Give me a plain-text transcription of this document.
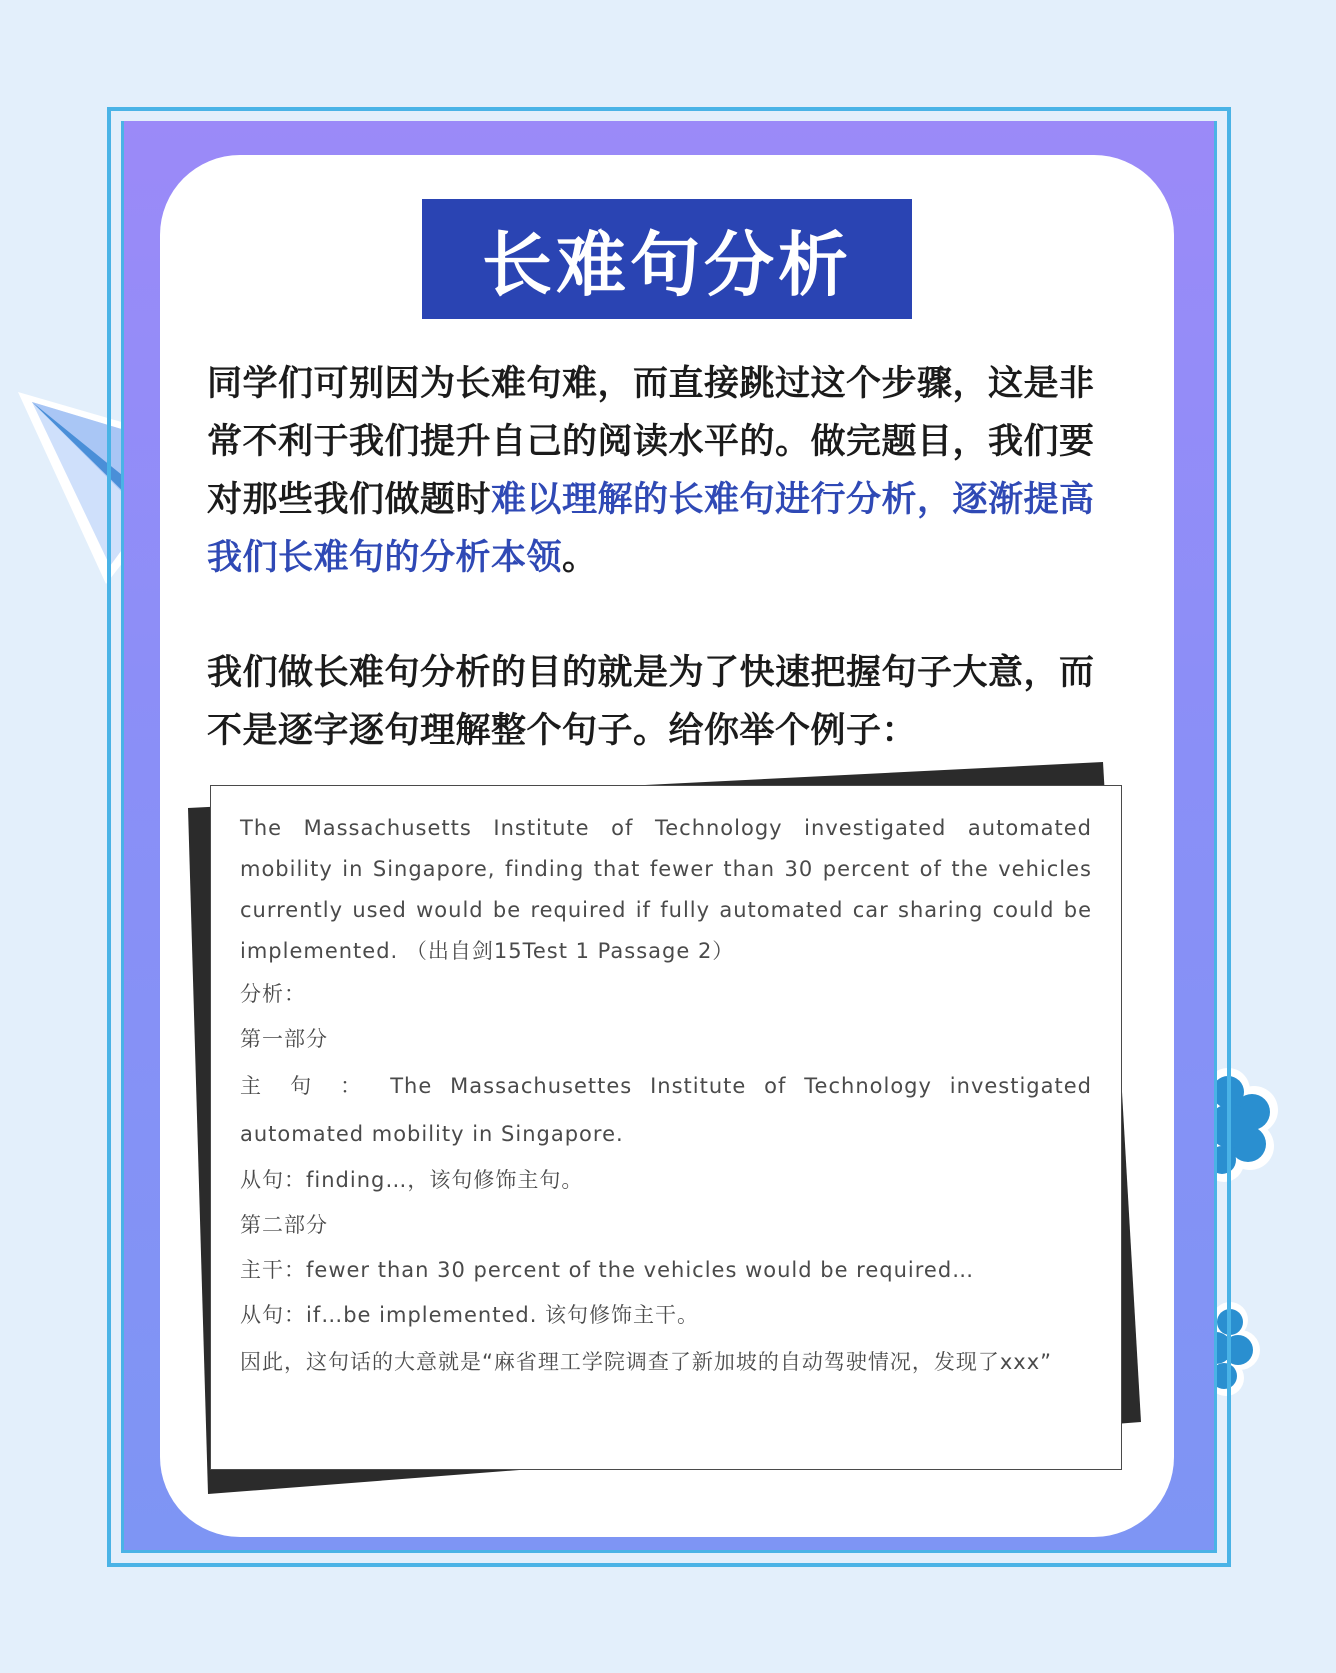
长难句分析

同学们可别因为长难句难，而直接跳过这个步骤，这是非常不利于我们提升自己的阅读水平的。做完题目，我们要对那些我们做题时难以理解的长难句进行分析，逐渐提高我们长难句的分析本领。

我们做长难句分析的目的就是为了快速把握句子大意，而不是逐字逐句理解整个句子。给你举个例子：

The Massachusetts Institute of Technology investigated automated mobility in Singapore, finding that fewer than 30 percent of the vehicles currently used would be required if fully automated car sharing could be implemented. （出自剑15Test 1 Passage 2）

分析：

第一部分

主 句 ： The Massachusettes Institute of Technology investigated automated mobility in Singapore.

从句：finding…，该句修饰主句。

第二部分

主干：fewer than 30 percent of the vehicles would be required…

从句：if…be implemented. 该句修饰主干。

因此，这句话的大意就是“麻省理工学院调查了新加坡的自动驾驶情况，发现了xxx”
